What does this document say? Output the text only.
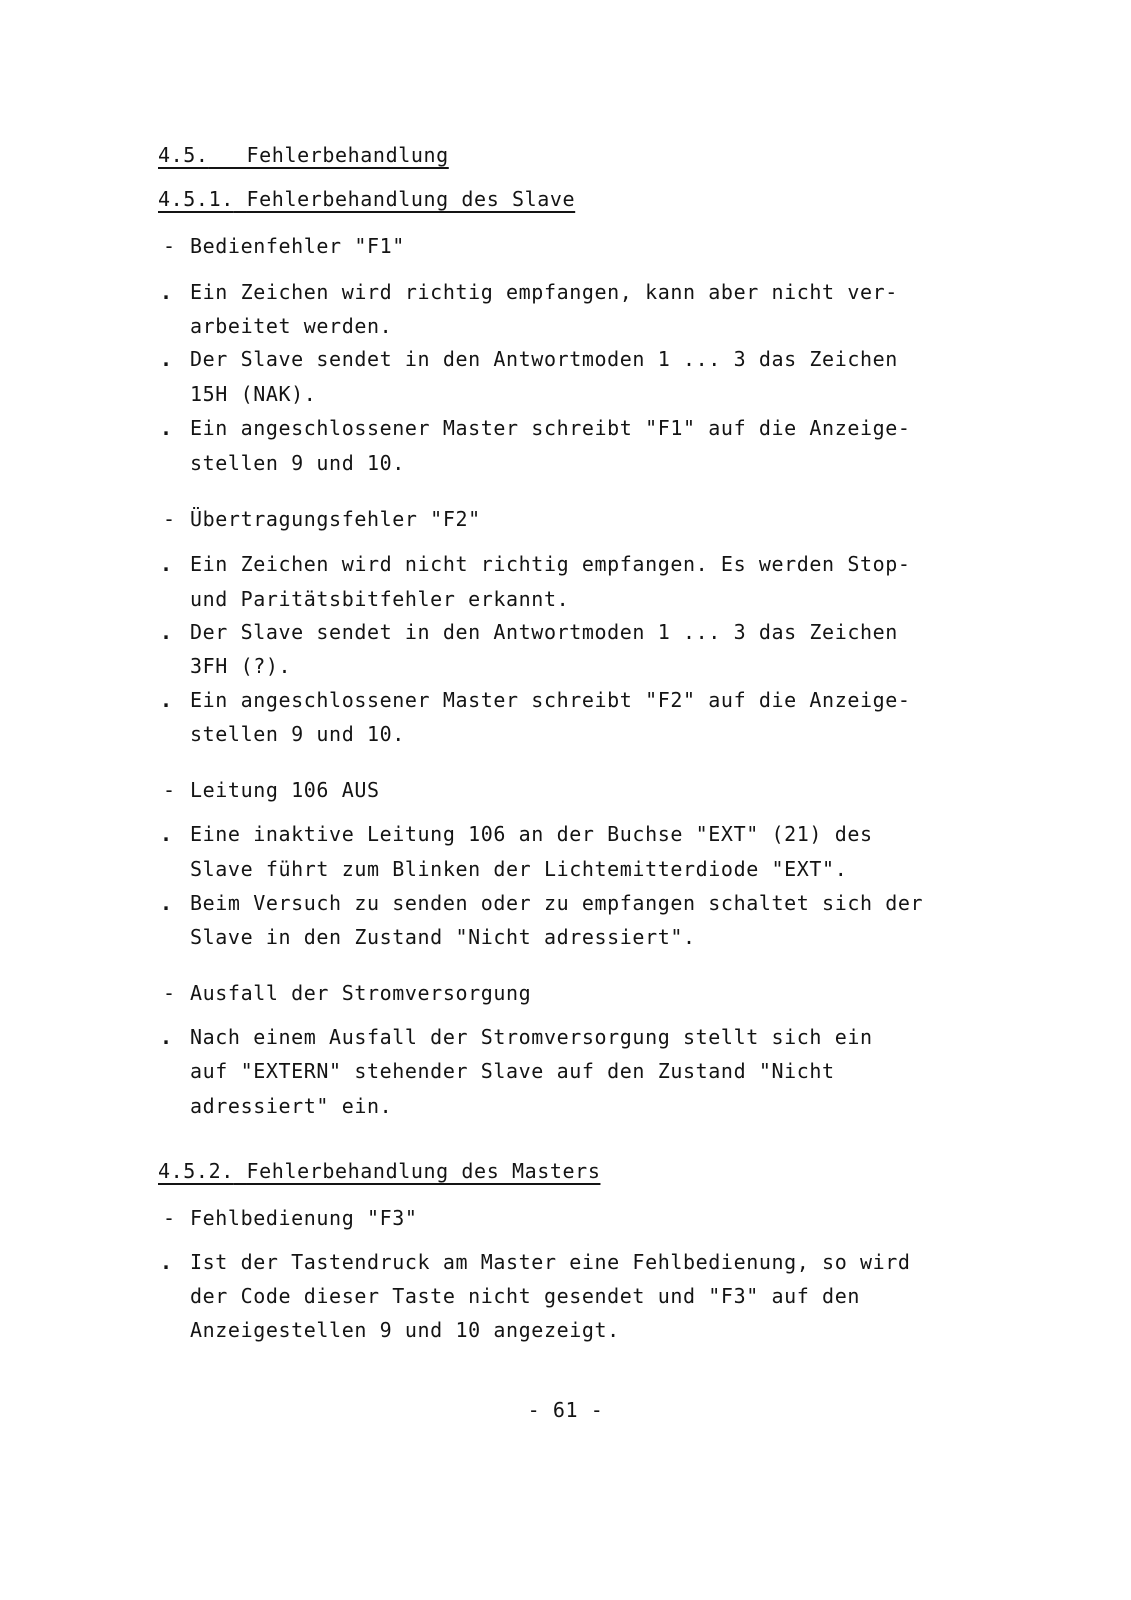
4.5. Fehlerbehandlung
4.5.1. Fehlerbehandlung des Slave
- Bedienfehler "F1"
. Ein Zeichen wird richtig empfangen, kann aber nicht ver-
arbeitet werden.
. Der Slave sendet in den Antwortmoden 1 ... 3 das Zeichen
15H (NAK).
. Ein angeschlossener Master schreibt "F1" auf die Anzeige-
stellen 9 und 10.
- Übertragungsfehler "F2"
. Ein Zeichen wird nicht richtig empfangen. Es werden Stop-
und Paritätsbitfehler erkannt.
. Der Slave sendet in den Antwortmoden 1 ... 3 das Zeichen
3FH (?).
. Ein angeschlossener Master schreibt "F2" auf die Anzeige-
stellen 9 und 10.
- Leitung 106 AUS
. Eine inaktive Leitung 106 an der Buchse "EXT" (21) des
Slave führt zum Blinken der Lichtemitterdiode "EXT".
. Beim Versuch zu senden oder zu empfangen schaltet sich der
Slave in den Zustand "Nicht adressiert".
- Ausfall der Stromversorgung
. Nach einem Ausfall der Stromversorgung stellt sich ein
auf "EXTERN" stehender Slave auf den Zustand "Nicht
adressiert" ein.
4.5.2. Fehlerbehandlung des Masters
- Fehlbedienung "F3"
. Ist der Tastendruck am Master eine Fehlbedienung, so wird
der Code dieser Taste nicht gesendet und "F3" auf den
Anzeigestellen 9 und 10 angezeigt.
- 61 -
